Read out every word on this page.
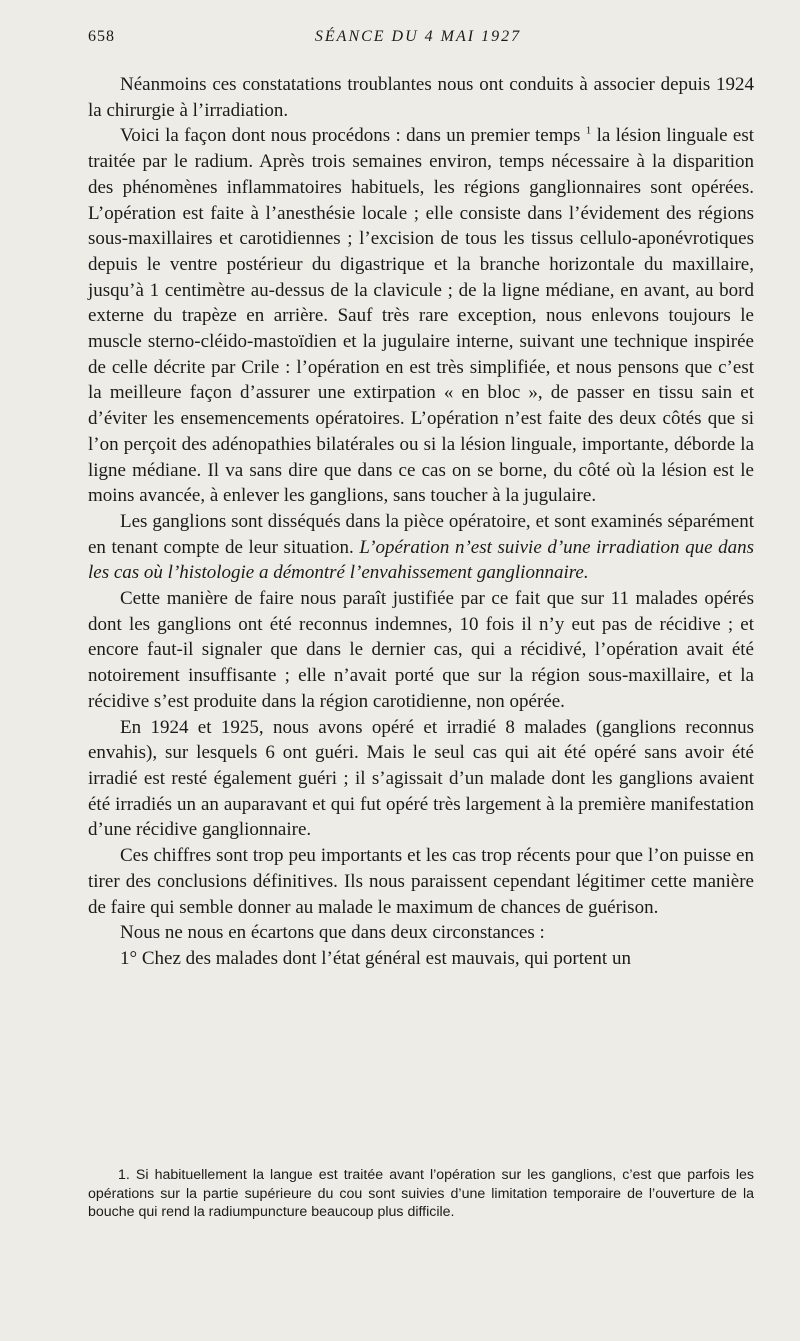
658	SÉANCE DU 4 MAI 1927

Néanmoins ces constatations troublantes nous ont conduits à associer depuis 1924 la chirurgie à l’irradiation.

Voici la façon dont nous procédons : dans un premier temps $^1$ la lésion linguale est traitée par le radium. Après trois semaines environ, temps nécessaire à la disparition des phénomènes inflammatoires habituels, les régions ganglionnaires sont opérées. L’opération est faite à l’anesthésie locale ; elle consiste dans l’évidement des régions sous-maxillaires et carotidiennes ; l’excision de tous les tissus cellulo-aponévrotiques depuis le ventre postérieur du digastrique et la branche horizontale du maxillaire, jusqu’à 1 centimètre au-dessus de la clavicule ; de la ligne médiane, en avant, au bord externe du trapèze en arrière. Sauf très rare exception, nous enlevons toujours le muscle sterno-cléido-mastoïdien et la jugulaire interne, suivant une technique inspirée de celle décrite par Crile : l’opération en est très simplifiée, et nous pensons que c’est la meilleure façon d’assurer une extirpation « en bloc », de passer en tissu sain et d’éviter les ensemencements opératoires. L’opération n’est faite des deux côtés que si l’on perçoit des adénopathies bilatérales ou si la lésion linguale, importante, déborde la ligne médiane. Il va sans dire que dans ce cas on se borne, du côté où la lésion est le moins avancée, à enlever les ganglions, sans toucher à la jugulaire.

Les ganglions sont disséqués dans la pièce opératoire, et sont examinés séparément en tenant compte de leur situation. L’opération n’est suivie d’une irradiation que dans les cas où l’histologie a démontré l’envahissement ganglionnaire.

Cette manière de faire nous paraît justifiée par ce fait que sur 11 malades opérés dont les ganglions ont été reconnus indemnes, 10 fois il n’y eut pas de récidive ; et encore faut-il signaler que dans le dernier cas, qui a récidivé, l’opération avait été notoirement insuffisante ; elle n’avait porté que sur la région sous-maxillaire, et la récidive s’est produite dans la région carotidienne, non opérée.

En 1924 et 1925, nous avons opéré et irradié 8 malades (ganglions reconnus envahis), sur lesquels 6 ont guéri. Mais le seul cas qui ait été opéré sans avoir été irradié est resté également guéri ; il s’agissait d’un malade dont les ganglions avaient été irradiés un an auparavant et qui fut opéré très largement à la première manifestation d’une récidive ganglionnaire.

Ces chiffres sont trop peu importants et les cas trop récents pour que l’on puisse en tirer des conclusions définitives. Ils nous paraissent cependant légitimer cette manière de faire qui semble donner au malade le maximum de chances de guérison.

Nous ne nous en écartons que dans deux circonstances :

1° Chez des malades dont l’état général est mauvais, qui portent un

1. Si habituellement la langue est traitée avant l’opération sur les ganglions, c’est que parfois les opérations sur la partie supérieure du cou sont suivies d’une limitation temporaire de l’ouverture de la bouche qui rend la radiumpuncture beaucoup plus difficile.
